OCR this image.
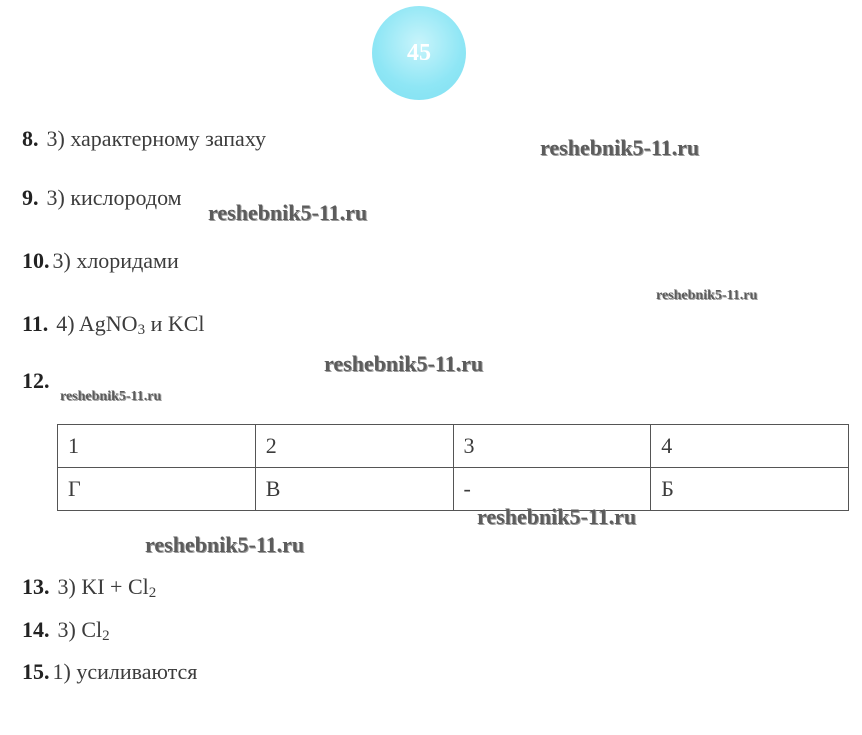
45
8. 3) характерному запаху
9. 3) кислородом
10. 3) хлоридами
11. 4) AgNO$_3$ и KCl
12.
1	2	3	4
Г	В	-	Б
13. 3) KI + $Cl_2$
14. 3) $Cl_2$
15. 1) усиливаются
reshebnik5-11.ru
reshebnik5-11.ru
reshebnik5-11.ru
reshebnik5-11.ru
reshebnik5-11.ru
reshebnik5-11.ru
reshebnik5-11.ru
